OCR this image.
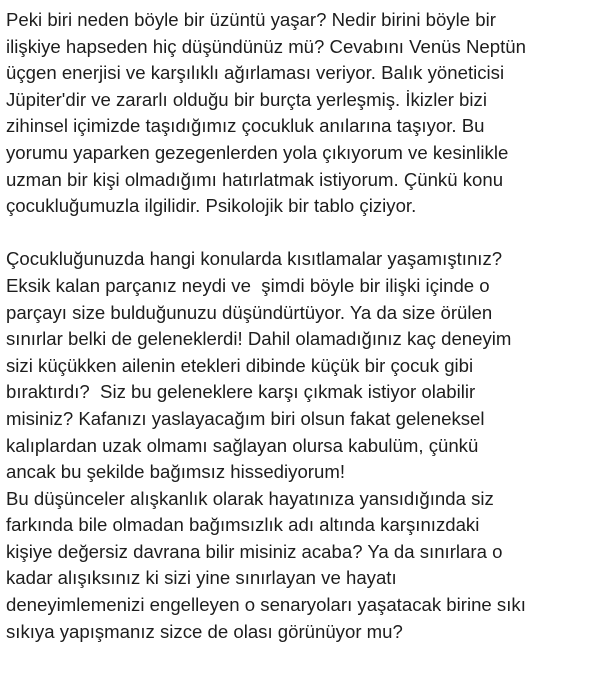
Peki biri neden böyle bir üzüntü yaşar? Nedir birini böyle bir
ilişkiye hapseden hiç düşündünüz mü? Cevabını Venüs Neptün
üçgen enerjisi ve karşılıklı ağırlaması veriyor. Balık yöneticisi
Jüpiter'dir ve zararlı olduğu bir burçta yerleşmiş. İkizler bizi
zihinsel içimizde taşıdığımız çocukluk anılarına taşıyor. Bu
yorumu yaparken gezegenlerden yola çıkıyorum ve kesinlikle
uzman bir kişi olmadığımı hatırlatmak istiyorum. Çünkü konu
çocukluğumuzla ilgilidir. Psikolojik bir tablo çiziyor.
Çocukluğunuzda hangi konularda kısıtlamalar yaşamıştınız?
Eksik kalan parçanız neydi ve  şimdi böyle bir ilişki içinde o
parçayı size bulduğunuzu düşündürtüyor. Ya da size örülen
sınırlar belki de geleneklerdi! Dahil olamadığınız kaç deneyim
sizi küçükken ailenin etekleri dibinde küçük bir çocuk gibi
bıraktırdı?  Siz bu geleneklere karşı çıkmak istiyor olabilir
misiniz? Kafanızı yaslayacağım biri olsun fakat geleneksel
kalıplardan uzak olmamı sağlayan olursa kabulüm, çünkü
ancak bu şekilde bağımsız hissediyorum!
Bu düşünceler alışkanlık olarak hayatınıza yansıdığında siz
farkında bile olmadan bağımsızlık adı altında karşınızdaki
kişiye değersiz davrana bilir misiniz acaba? Ya da sınırlara o
kadar alışıksınız ki sizi yine sınırlayan ve hayatı
deneyimlemenizi engelleyen o senaryoları yaşatacak birine sıkı
sıkıya yapışmanız sizce de olası görünüyor mu?
